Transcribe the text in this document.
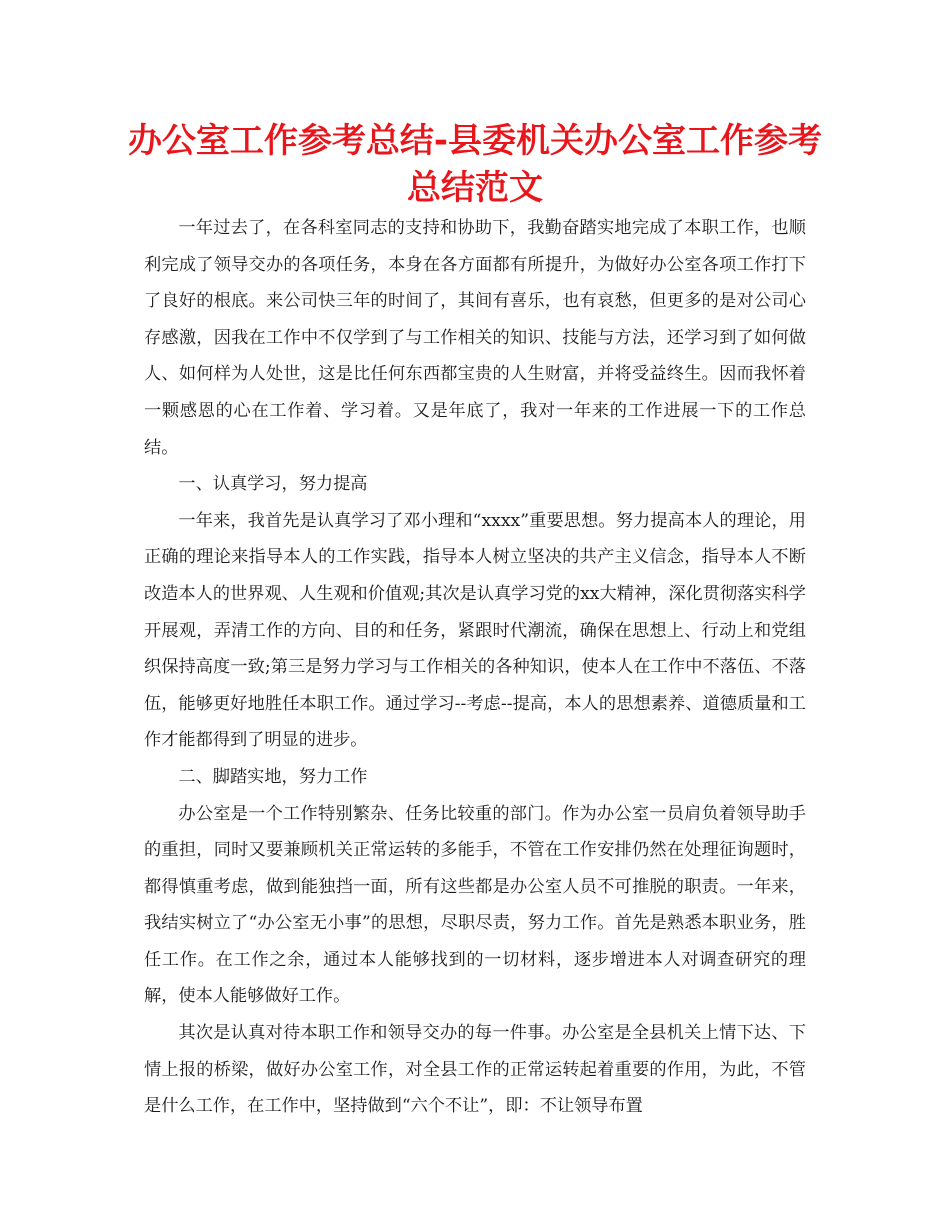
办公室工作参考总结-县委机关办公室工作参考总结范文

一年过去了，在各科室同志的支持和协助下，我勤奋踏实地完成了本职工作，也顺利完成了领导交办的各项任务，本身在各方面都有所提升，为做好办公室各项工作打下了良好的根底。来公司快三年的时间了，其间有喜乐，也有哀愁，但更多的是对公司心存感激，因我在工作中不仅学到了与工作相关的知识、技能与方法，还学习到了如何做人、如何样为人处世，这是比任何东西都宝贵的人生财富，并将受益终生。因而我怀着一颗感恩的心在工作着、学习着。又是年底了，我对一年来的工作进展一下的工作总结。

一、认真学习，努力提高

一年来，我首先是认真学习了邓小理和“xxxx”重要思想。努力提高本人的理论，用正确的理论来指导本人的工作实践，指导本人树立坚决的共产主义信念，指导本人不断改造本人的世界观、人生观和价值观;其次是认真学习党的xx大精神，深化贯彻落实科学开展观，弄清工作的方向、目的和任务，紧跟时代潮流，确保在思想上、行动上和党组织保持高度一致;第三是努力学习与工作相关的各种知识，使本人在工作中不落伍、不落伍，能够更好地胜任本职工作。通过学习--考虑--提高，本人的思想素养、道德质量和工作才能都得到了明显的进步。

二、脚踏实地，努力工作

办公室是一个工作特别繁杂、任务比较重的部门。作为办公室一员肩负着领导助手的重担，同时又要兼顾机关正常运转的多能手，不管在工作安排仍然在处理征询题时，都得慎重考虑，做到能独挡一面，所有这些都是办公室人员不可推脱的职责。一年来，我结实树立了“办公室无小事”的思想，尽职尽责，努力工作。首先是熟悉本职业务，胜任工作。在工作之余，通过本人能够找到的一切材料，逐步增进本人对调查研究的理解，使本人能够做好工作。

其次是认真对待本职工作和领导交办的每一件事。办公室是全县机关上情下达、下情上报的桥梁，做好办公室工作，对全县工作的正常运转起着重要的作用，为此，不管是什么工作，在工作中，坚持做到“六个不让”，即：不让领导布置
